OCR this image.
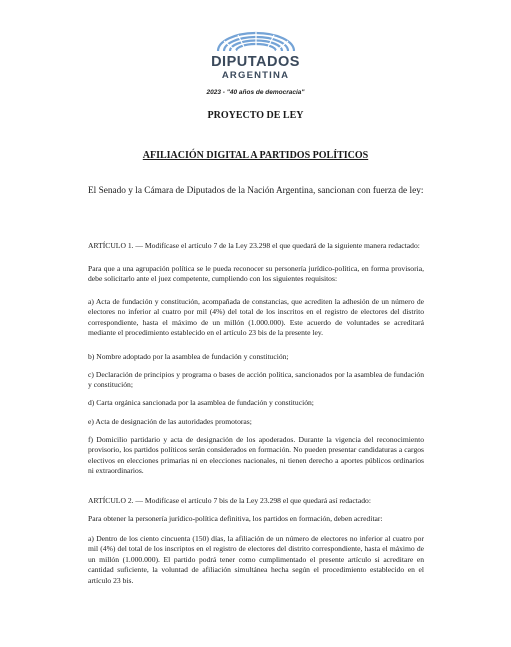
DIPUTADOS
ARGENTINA
2023 - "40 años de democracia"
PROYECTO DE LEY
AFILIACIÓN DIGITAL A PARTIDOS POLÍTICOS
El Senado y la Cámara de Diputados de la Nación Argentina, sancionan con fuerza de ley:
ARTÍCULO 1. — Modifícase el artículo 7 de la Ley 23.298 el que quedará de la siguiente manera redactado:
Para que a una agrupación política se le pueda reconocer su personería jurídico-política, en forma provisoria, debe solicitarlo ante el juez competente, cumpliendo con los siguientes requisitos:
a) Acta de fundación y constitución, acompañada de constancias, que acrediten la adhesión de un número de electores no inferior al cuatro por mil (4%) del total de los inscritos en el registro de electores del distrito correspondiente, hasta el máximo de un millón (1.000.000). Este acuerdo de voluntades se acreditará mediante el procedimiento establecido en el artículo 23 bis de la presente ley.
b) Nombre adoptado por la asamblea de fundación y constitución;
c) Declaración de principios y programa o bases de acción política, sancionados por la asamblea de fundación y constitución;
d) Carta orgánica sancionada por la asamblea de fundación y constitución;
e) Acta de designación de las autoridades promotoras;
f) Domicilio partidario y acta de designación de los apoderados. Durante la vigencia del reconocimiento provisorio, los partidos políticos serán considerados en formación. No pueden presentar candidaturas a cargos electivos en elecciones primarias ni en elecciones nacionales, ni tienen derecho a aportes públicos ordinarios ni extraordinarios.
ARTÍCULO 2. — Modifícase el artículo 7 bis de la Ley 23.298 el que quedará así redactado:
Para obtener la personería jurídico-política definitiva, los partidos en formación, deben acreditar:
a) Dentro de los ciento cincuenta (150) días, la afiliación de un número de electores no inferior al cuatro por mil (4%) del total de los inscriptos en el registro de electores del distrito correspondiente, hasta el máximo de un millón (1.000.000). El partido podrá tener como cumplimentado el presente artículo si acreditare en cantidad suficiente, la voluntad de afiliación simultánea hecha según el procedimiento establecido en el artículo 23 bis.
